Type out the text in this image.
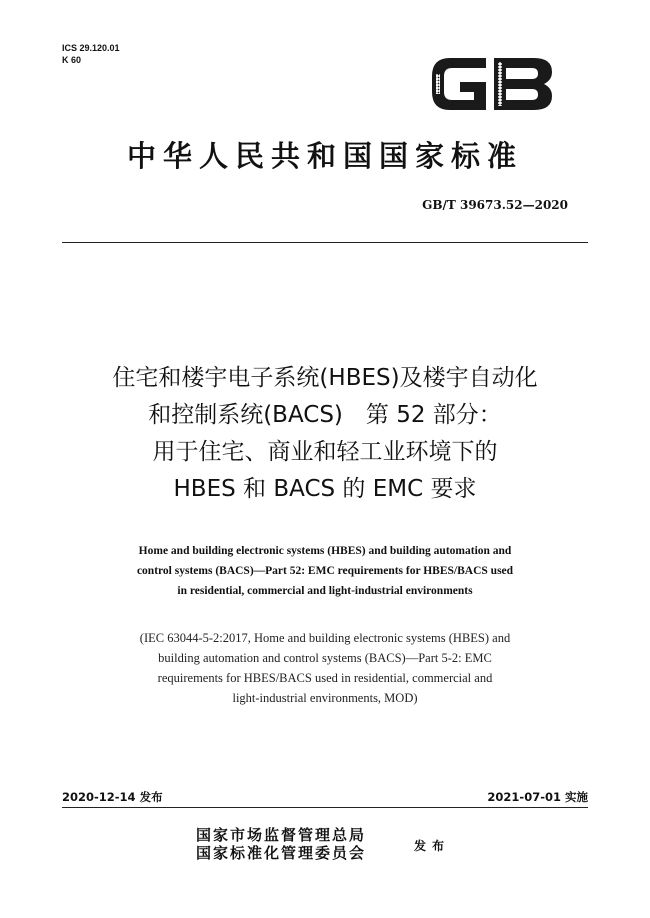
ICS 29.120.01
K 60
中华人民共和国国家标准
GB/T 39673.52—2020
住宅和楼宇电子系统(HBES)及楼宇自动化
和控制系统(BACS)　第 52 部分：
用于住宅、商业和轻工业环境下的
HBES 和 BACS 的 EMC 要求
Home and building electronic systems (HBES) and building automation and
control systems (BACS)—Part 52: EMC requirements for HBES/BACS used
in residential, commercial and light-industrial environments
(IEC 63044-5-2:2017, Home and building electronic systems (HBES) and
building automation and control systems (BACS)—Part 5-2: EMC
requirements for HBES/BACS used in residential, commercial and
light-industrial environments, MOD)
2020-12-14 发布	2021-07-01 实施
国家市场监督管理总局
国家标准化管理委员会	发布
